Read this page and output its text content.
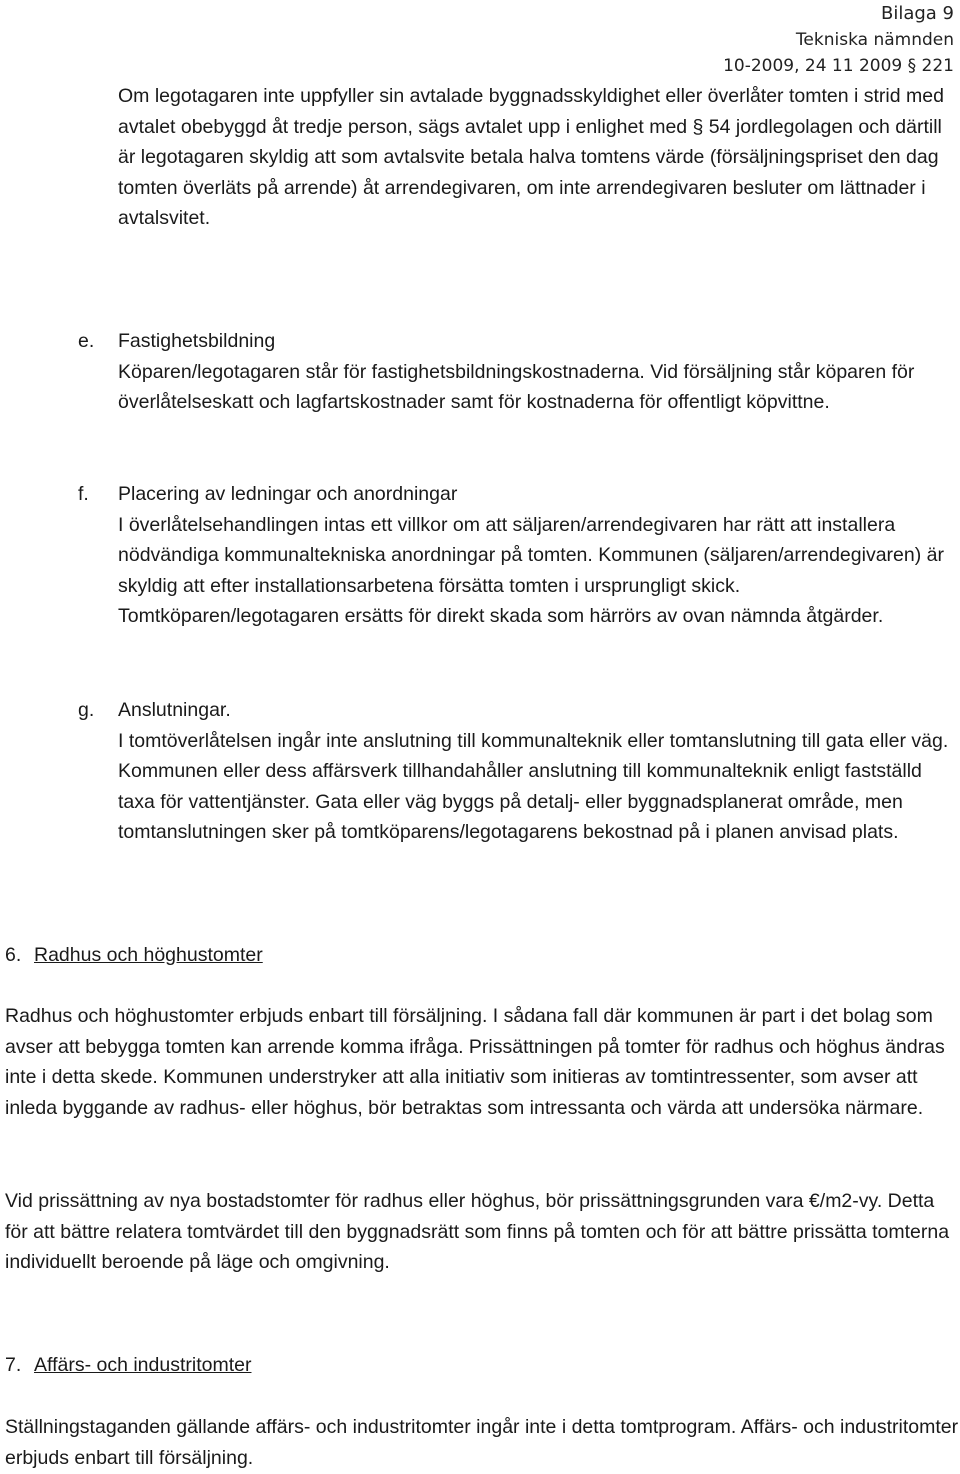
Bilaga 9
Tekniska nämnden
10-2009, 24 11 2009 § 221

Om legotagaren inte uppfyller sin avtalade byggnadsskyldighet eller överlåter tomten i strid med avtalet obebyggd åt tredje person, sägs avtalet upp i enlighet med § 54 jordlegolagen och därtill är legotagaren skyldig att som avtalsvite betala halva tomtens värde (försäljningspriset den dag tomten överläts på arrende) åt arrendegivaren, om inte arrendegivaren besluter om lättnader i avtalsvitet.

e. Fastighetsbildning

Köparen/legotagaren står för fastighetsbildningskostnaderna. Vid försäljning står köparen för överlåtelseskatt och lagfartskostnader samt för kostnaderna för offentligt köpvittne.

f. Placering av ledningar och anordningar

I överlåtelsehandlingen intas ett villkor om att säljaren/arrendegivaren har rätt att installera nödvändiga kommunaltekniska anordningar på tomten. Kommunen (säljaren/arrendegivaren) är skyldig att efter installationsarbetena försätta tomten i ursprungligt skick. Tomtköparen/legotagaren ersätts för direkt skada som härrörs av ovan nämnda åtgärder.

g. Anslutningar.

I tomtöverlåtelsen ingår inte anslutning till kommunalteknik eller tomtanslutning till gata eller väg. Kommunen eller dess affärsverk tillhandahåller anslutning till kommunalteknik enligt fastställd taxa för vattentjänster. Gata eller väg byggs på detalj- eller byggnadsplanerat område, men tomtanslutningen sker på tomtköparens/legotagarens bekostnad på i planen anvisad plats.

6. Radhus och höghustomter

Radhus och höghustomter erbjuds enbart till försäljning. I sådana fall där kommunen är part i det bolag som avser att bebygga tomten kan arrende komma ifråga. Prissättningen på tomter för radhus och höghus ändras inte i detta skede. Kommunen understryker att alla initiativ som initieras av tomtintressenter, som avser att inleda byggande av radhus- eller höghus, bör betraktas som intressanta och värda att undersöka närmare.

Vid prissättning av nya bostadstomter för radhus eller höghus, bör prissättningsgrunden vara €/m2-vy. Detta för att bättre relatera tomtvärdet till den byggnadsrätt som finns på tomten och för att bättre prissätta tomterna individuellt beroende på läge och omgivning.

7. Affärs- och industritomter

Ställningstaganden gällande affärs- och industritomter ingår inte i detta tomtprogram. Affärs- och industritomter erbjuds enbart till försäljning.
